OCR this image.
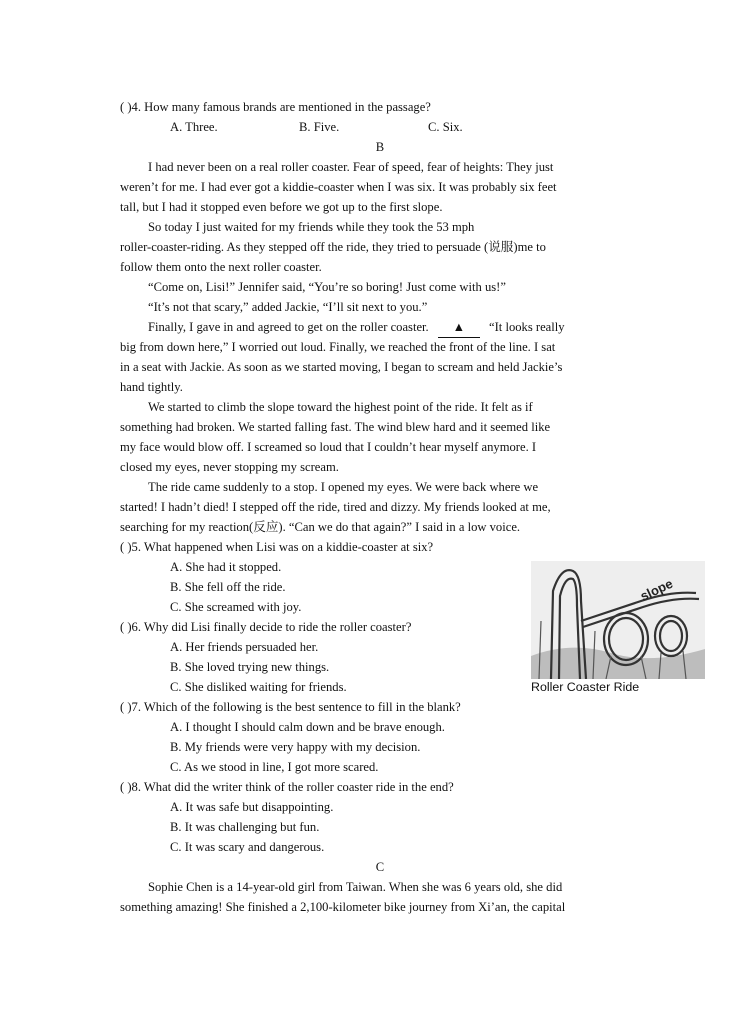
( )4. How many famous brands are mentioned in the passage?
A. Three.	B. Five.	C. Six.
B
I had never been on a real roller coaster. Fear of speed, fear of heights: They just
weren’t for me. I had ever got a kiddie-coaster when I was six. It was probably six feet
tall, but I had it stopped even before we got up to the first slope.
So today I just waited for my friends while they took the 53 mph
roller-coaster-riding. As they stepped off the ride, they tried to persuade (说服)me to
follow them onto the next roller coaster.
“Come on, Lisi!” Jennifer said, “You’re so boring! Just come with us!”
“It’s not that scary,” added Jackie, “I’ll sit next to you.”
Finally, I gave in and agreed to get on the roller coaster. ▲ “It looks really
big from down here,” I worried out loud. Finally, we reached the front of the line. I sat
in a seat with Jackie. As soon as we started moving, I began to scream and held Jackie’s
hand tightly.
We started to climb the slope toward the highest point of the ride. It felt as if
something had broken. We started falling fast. The wind blew hard and it seemed like
my face would blow off. I screamed so loud that I couldn’t hear myself anymore. I
closed my eyes, never stopping my scream.
The ride came suddenly to a stop. I opened my eyes. We were back where we
started! I hadn’t died! I stepped off the ride, tired and dizzy. My friends looked at me,
searching for my reaction(反应). “Can we do that again?” I said in a low voice.
( )5. What happened when Lisi was on a kiddie-coaster at six?
A. She had it stopped.
B. She fell off the ride.
C. She screamed with joy.
( )6. Why did Lisi finally decide to ride the roller coaster?
A. Her friends persuaded her.
B. She loved trying new things.
C. She disliked waiting for friends.
( )7. Which of the following is the best sentence to fill in the blank?
A. I thought I should calm down and be brave enough.
B. My friends were very happy with my decision.
C. As we stood in line, I got more scared.
( )8. What did the writer think of the roller coaster ride in the end?
A. It was safe but disappointing.
B. It was challenging but fun.
C. It was scary and dangerous.
slope
Roller Coaster Ride
C
Sophie Chen is a 14-year-old girl from Taiwan. When she was 6 years old, she did
something amazing! She finished a 2,100-kilometer bike journey from Xi’an, the capital
